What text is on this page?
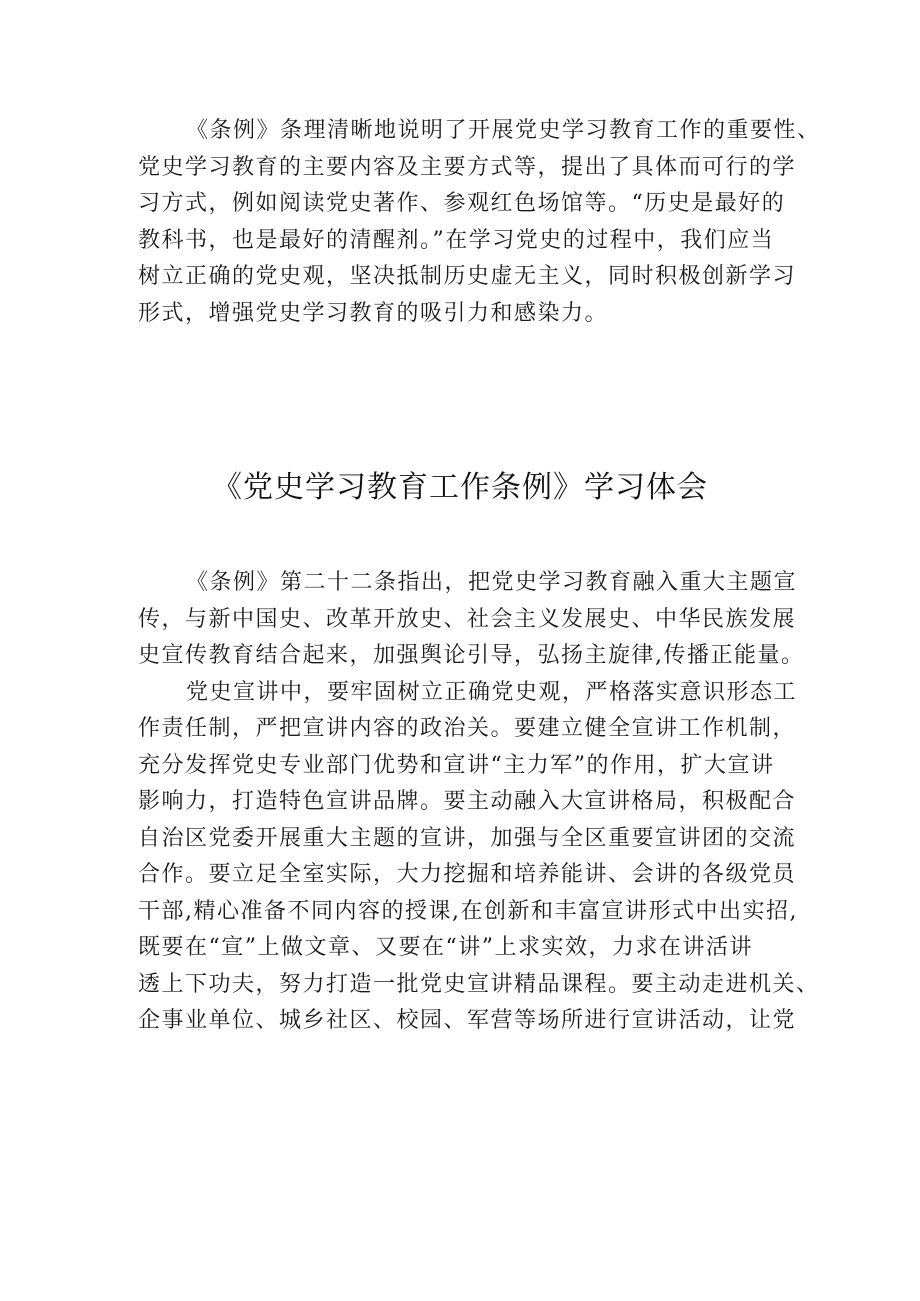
《条例》条理清晰地说明了开展党史学习教育工作的重要性、
党史学习教育的主要内容及主要方式等，提出了具体而可行的学
习方式，例如阅读党史著作、参观红色场馆等。“历史是最好的
教科书，也是最好的清醒剂。”在学习党史的过程中，我们应当
树立正确的党史观，坚决抵制历史虚无主义，同时积极创新学习
形式，增强党史学习教育的吸引力和感染力。
《党史学习教育工作条例》学习体会
《条例》第二十二条指出，把党史学习教育融入重大主题宣
传，与新中国史、改革开放史、社会主义发展史、中华民族发展
史宣传教育结合起来，加强舆论引导，弘扬主旋律,传播正能量。
党史宣讲中，要牢固树立正确党史观，严格落实意识形态工
作责任制，严把宣讲内容的政治关。要建立健全宣讲工作机制，
充分发挥党史专业部门优势和宣讲“主力军”的作用，扩大宣讲
影响力，打造特色宣讲品牌。要主动融入大宣讲格局，积极配合
自治区党委开展重大主题的宣讲，加强与全区重要宣讲团的交流
合作。要立足全室实际，大力挖掘和培养能讲、会讲的各级党员
干部,精心准备不同内容的授课,在创新和丰富宣讲形式中出实招,
既要在“宣”上做文章、又要在“讲”上求实效，力求在讲活讲
透上下功夫，努力打造一批党史宣讲精品课程。要主动走进机关、
企事业单位、城乡社区、校园、军营等场所进行宣讲活动，让党
